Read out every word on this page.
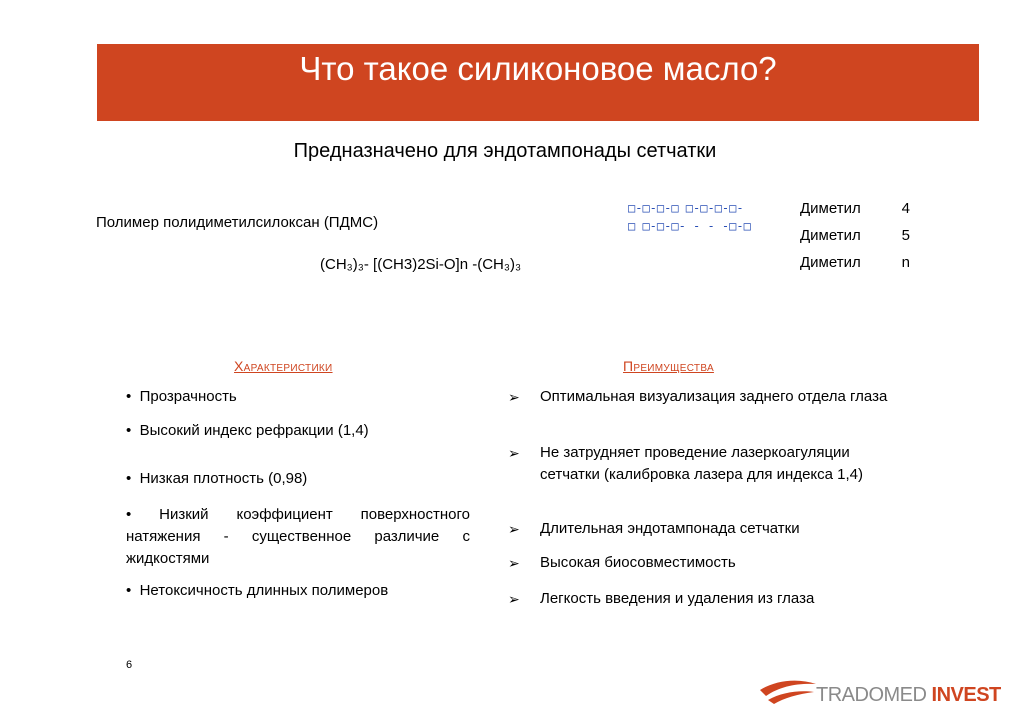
Что такое силиконовое масло?
Предназначено для эндотампонады сетчатки
Полимер полидиметилсилоксан (ПДМС)
(CH₃)₃- [(CH3)2Si-O]n -(CH₃)₃
□-□-□-□ □-□-□-□-
□ □-□-□- - - -□-□
Диметил	4
Диметил	5
Диметил	n
Характеристики	Преимущества
•  Прозрачность
•  Высокий индекс рефракции (1,4)
•  Низкая плотность (0,98)
• Низкий коэффициент поверхностного натяжения - существенное различие с жидкостями
•  Нетоксичность длинных полимеров
➢ Оптимальная визуализация заднего отдела глаза
➢ Не затрудняет проведение лазеркоагуляции сетчатки (калибровка лазера для индекса 1,4)
➢ Длительная эндотампонада сетчатки
➢ Высокая биосовместимость
➢ Легкость введения и удаления из глаза
6
TRADOMED INVEST
